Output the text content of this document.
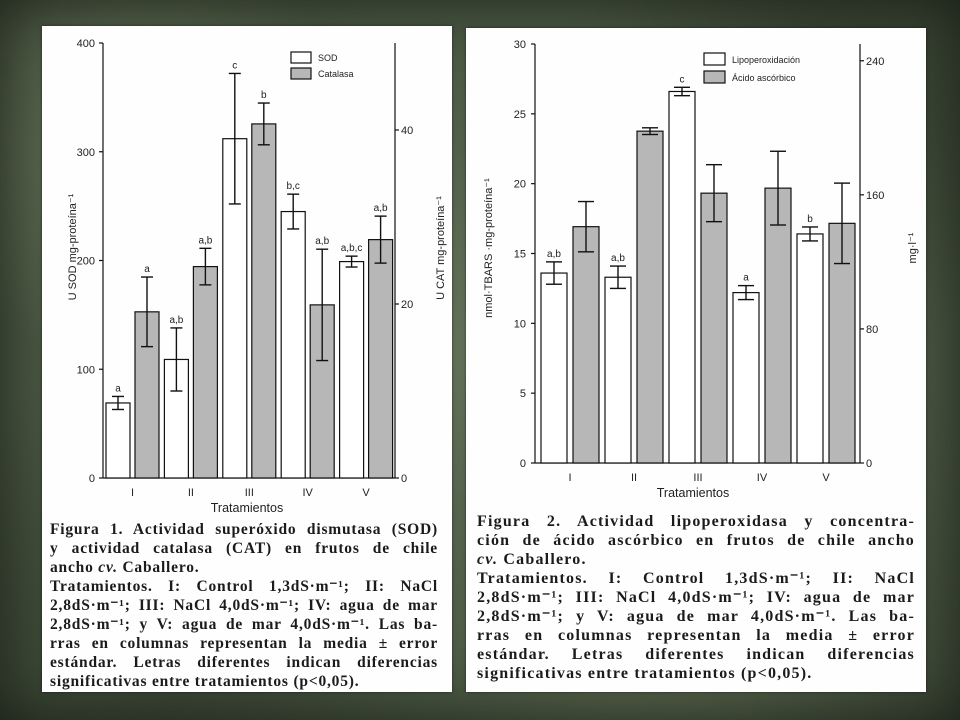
0
100
200
300
400
0
20
40
a
a,b
c
b,c
a,b,c
a
a,b
b
a,b
a,b
I	II	III	IV	V
Tratamientos
U SOD mg-proteína⁻¹	U CAT mg-proteína⁻¹
SOD
Catalasa
Figura 1. Actividad superóxido dismutasa (SOD)
y actividad catalasa (CAT) en frutos de chile
ancho cv. Caballero.
Tratamientos. I: Control 1,3dS·m⁻¹; II: NaCl
2,8dS·m⁻¹; III: NaCl 4,0dS·m⁻¹; IV: agua de mar
2,8dS·m⁻¹; y V: agua de mar 4,0dS·m⁻¹. Las ba-
rras en columnas representan la media ± error
estándar. Letras diferentes indican diferencias
significativas entre tratamientos (p<0,05).
0
5
10
15
20
25
30
0
80
160
240
a,b	a,b
c
a
b
I	II	III	IV	V
Tratamientos
nmol·TBARS ·mg-proteína⁻¹	mg·l⁻¹
Lipoperoxidación
Ácido ascórbico
Figura 2. Actividad lipoperoxidasa y concentra-
ción de ácido ascórbico en frutos de chile ancho
cv. Caballero.
Tratamientos. I: Control 1,3dS·m⁻¹; II: NaCl
2,8dS·m⁻¹; III: NaCl 4,0dS·m⁻¹; IV: agua de mar
2,8dS·m⁻¹; y V: agua de mar 4,0dS·m⁻¹. Las ba-
rras en columnas representan la media ± error
estándar. Letras diferentes indican diferencias
significativas entre tratamientos (p<0,05).
